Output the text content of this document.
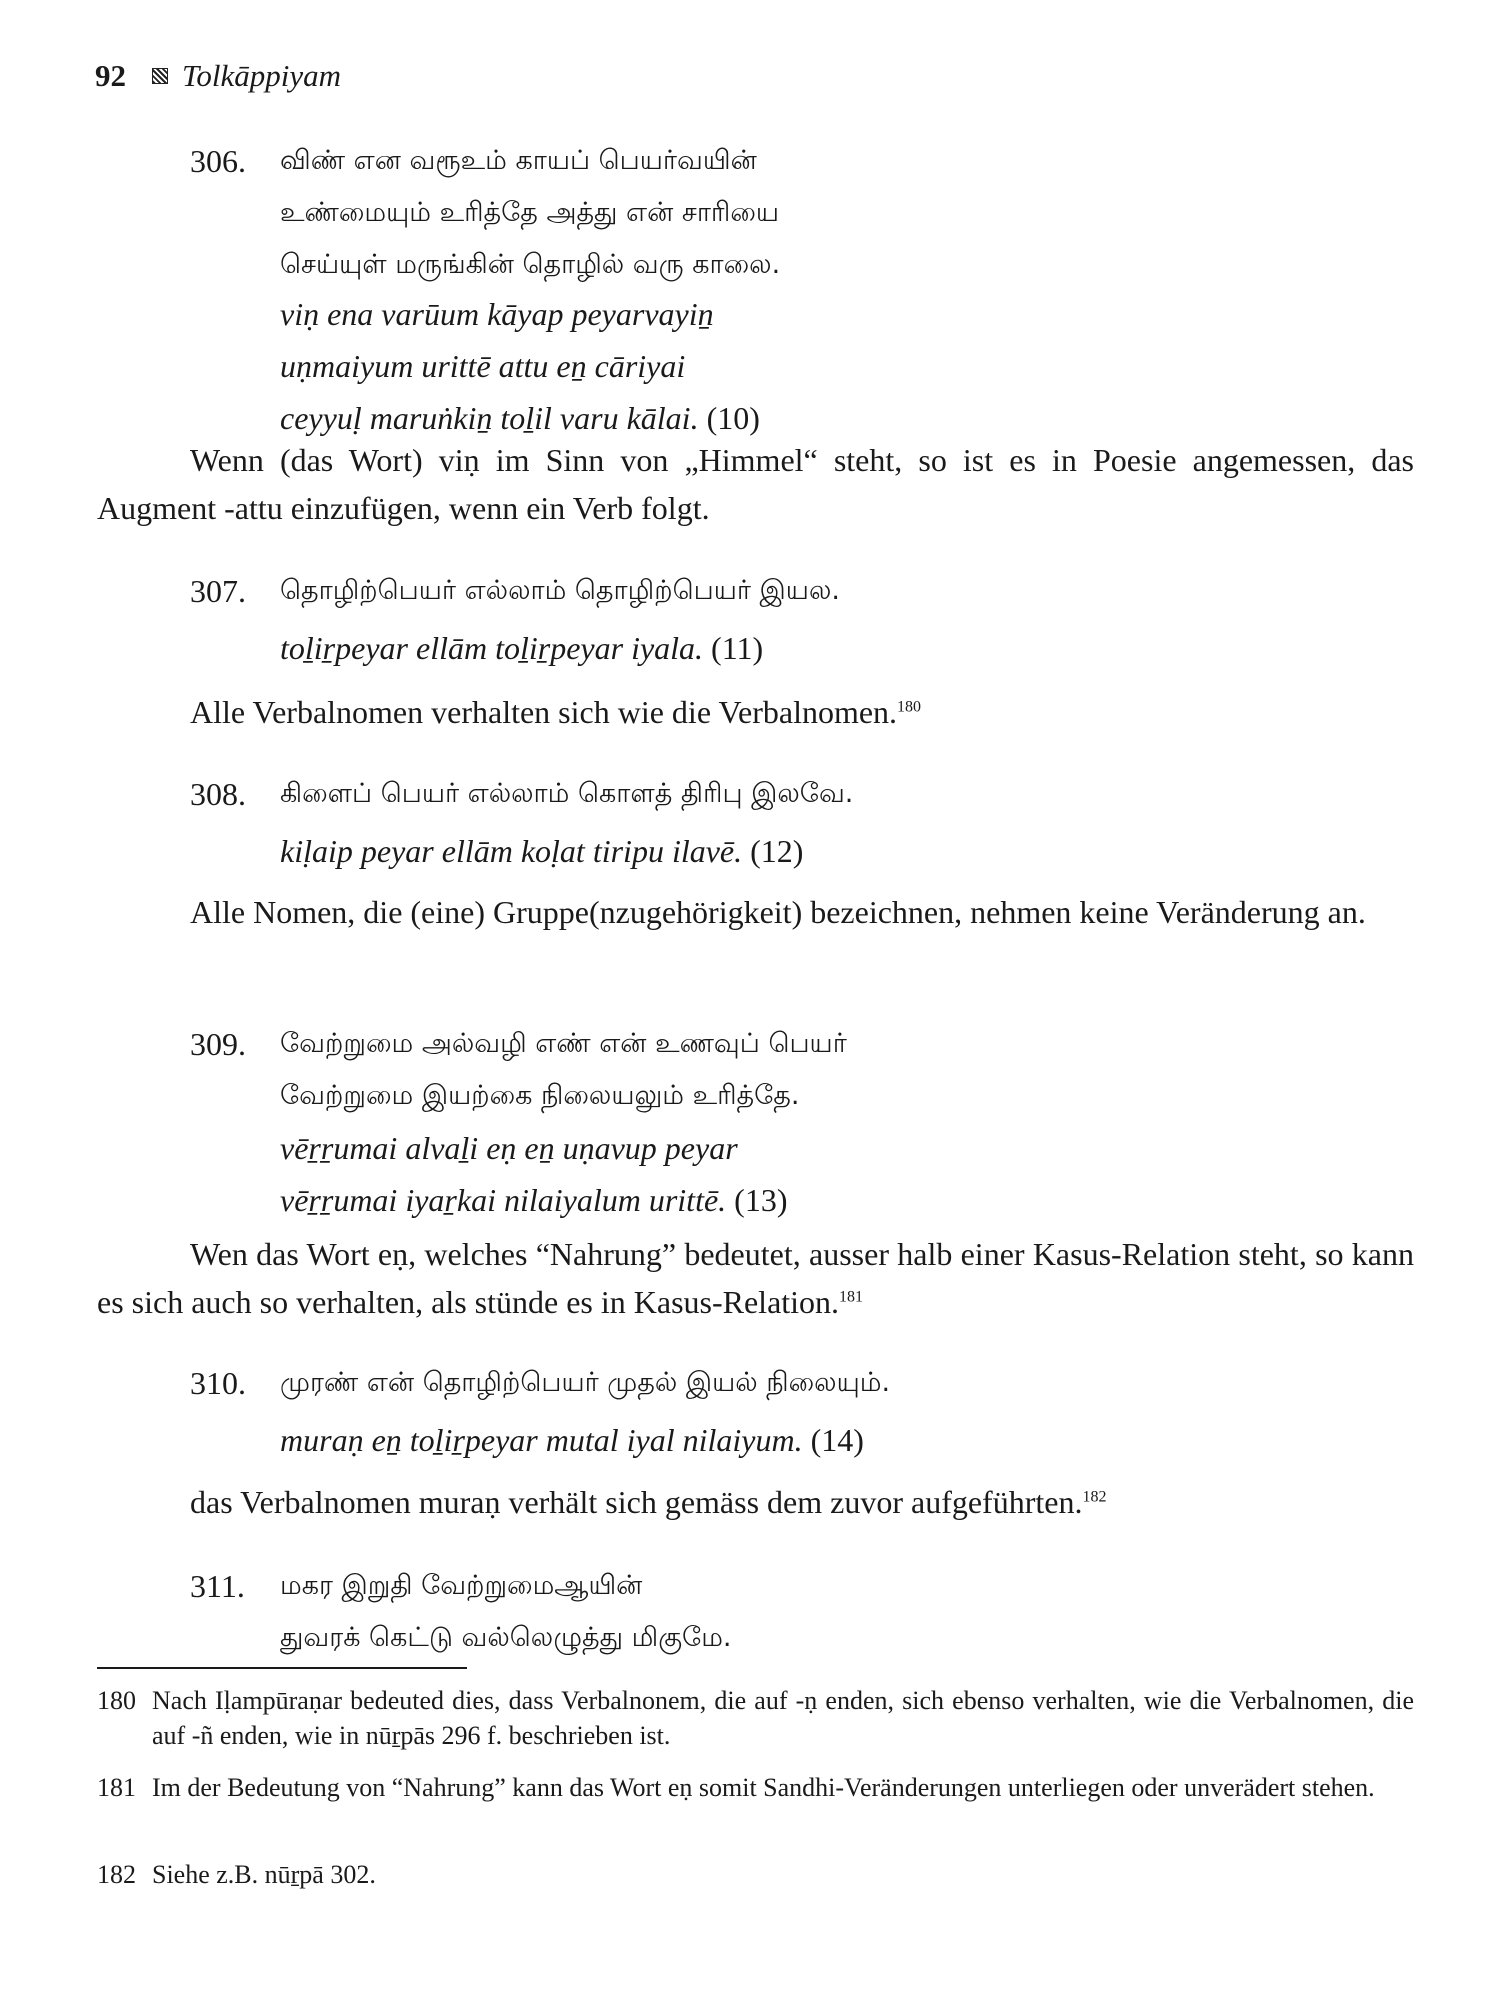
92 Tolkāppiyam
306. விண் என வரூஉம் காயப் பெயர்வயின்
உண்மையும் உரித்தே அத்து என் சாரியை
செய்யுள் மருங்கின் தொழில் வரு காலை.
viṇ ena varūum kāyap peyarvayiṉ
uṇmaiyum urittē attu eṉ cāriyai
ceyyuḷ maruṅkiṉ toḻil varu kālai. (10)
Wenn (das Wort) viṇ im Sinn von „Himmel“ steht, so ist es in Poesie angemessen, das Augment -attu einzufügen, wenn ein Verb folgt.
307. தொழிற்பெயர் எல்லாம் தொழிற்பெயர் இயல.
toḻiṟpeyar ellām toḻiṟpeyar iyala. (11)
Alle Verbalnomen verhalten sich wie die Verbalnomen.$^{180}$
308. கிளைப் பெயர் எல்லாம் கொளத் திரிபு இலவே.
kiḷaip peyar ellām koḷat tiripu ilavē. (12)
Alle Nomen, die (eine) Gruppe(nzugehörigkeit) bezeichnen, nehmen keine Veränderung an.
309. வேற்றுமை அல்வழி எண் என் உணவுப் பெயர்
வேற்றுமை இயற்கை நிலையலும் உரித்தே.
vēṟṟumai alvaḻi eṇ eṉ uṇavup peyar
vēṟṟumai iyaṟkai nilaiyalum urittē. (13)
Wen das Wort eṇ, welches “Nahrung” bedeutet, ausser halb einer Kasus-Relation steht, so kann es sich auch so verhalten, als stünde es in Kasus-Relation.$^{181}$
310. முரண் என் தொழிற்பெயர் முதல் இயல் நிலையும்.
muraṇ eṉ toḻiṟpeyar mutal iyal nilaiyum. (14)
das Verbalnomen muraṇ verhält sich gemäss dem zuvor aufgeführten.$^{182}$
311. மகர இறுதி வேற்றுமைஆயின்
துவரக் கெட்டு வல்லெழுத்து மிகுமே.
180 Nach Iḷampūraṇar bedeuted dies, dass Verbalnonem, die auf -ṇ enden, sich ebenso verhalten, wie die Verbalnomen, die auf -ñ enden, wie in nūṟpās 296 f. beschrieben ist.
181 Im der Bedeutung von “Nahrung” kann das Wort eṇ somit Sandhi-Veränderungen unterliegen oder unverädert stehen.
182 Siehe z.B. nūṟpā 302.
